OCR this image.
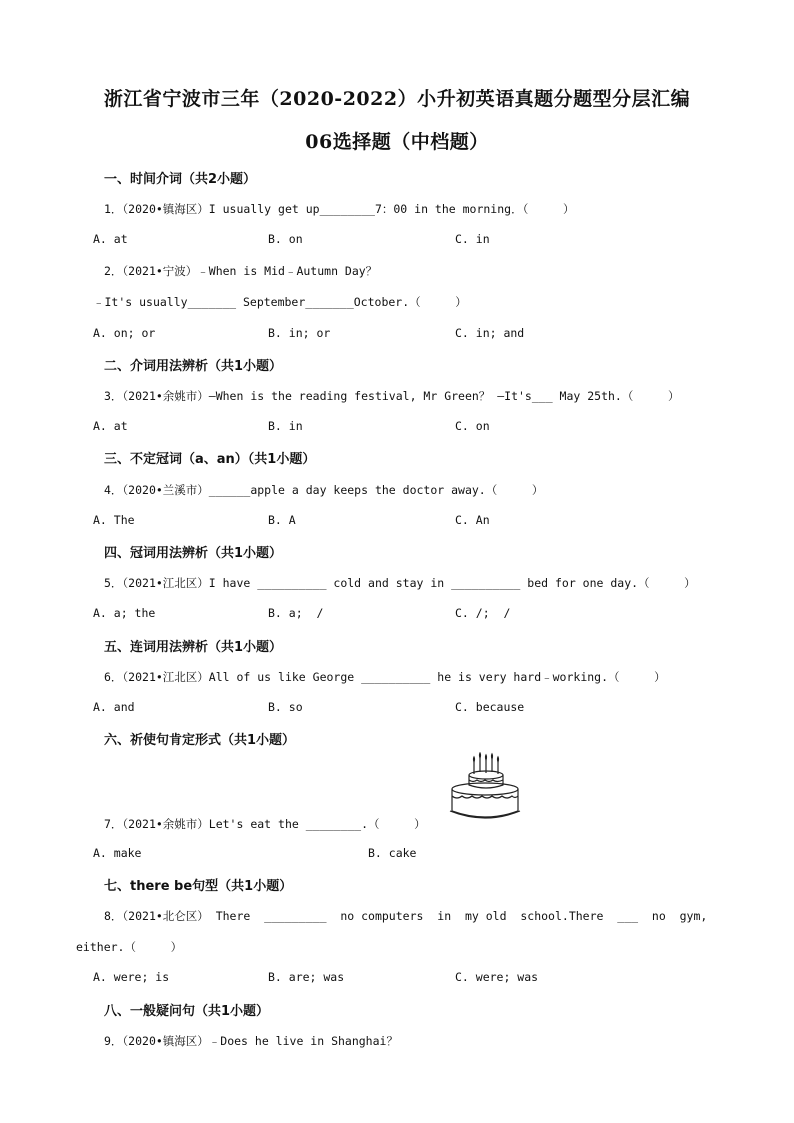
浙江省宁波市三年（2020-2022）小升初英语真题分题型分层汇编
06选择题（中档题）
一、时间介词（共2小题）
1．（2020•镇海区）I usually get up________7：00 in the morning．（     ）
A. at	B. on	C. in
2．（2021•宁波）﹣When is Mid﹣Autumn Day？
﹣It's usually_______ September_______October.（     ）
A. on; or	B. in; or	C. in; and
二、介词用法辨析（共1小题）
3．（2021•余姚市）—When is the reading festival, Mr Green？ —It's___ May 25th.（     ）
A. at	B. in	C. on
三、不定冠词（a、an）（共1小题）
4．（2020•兰溪市）______apple a day keeps the doctor away.（     ）
A. The	B. A	C. An
四、冠词用法辨析（共1小题）
5．（2021•江北区）I have __________ cold and stay in __________ bed for one day.（     ）
A. a; the	B. a;  /	C. /;  /
五、连词用法辨析（共1小题）
6．（2021•江北区）All of us like George __________ he is very hard﹣working.（     ）
A. and	B. so	C. because
六、祈使句肯定形式（共1小题）
7．（2021•余姚市）Let's eat the ________.（     ）
A. make	B. cake
七、there be句型（共1小题）
8．（2021•北仑区） There  _________  no computers  in  my old  school.There  ___  no  gym,
either.（     ）
A. were; is	B. are; was	C. were; was
八、一般疑问句（共1小题）
9．（2020•镇海区）﹣Does he live in Shanghai？
